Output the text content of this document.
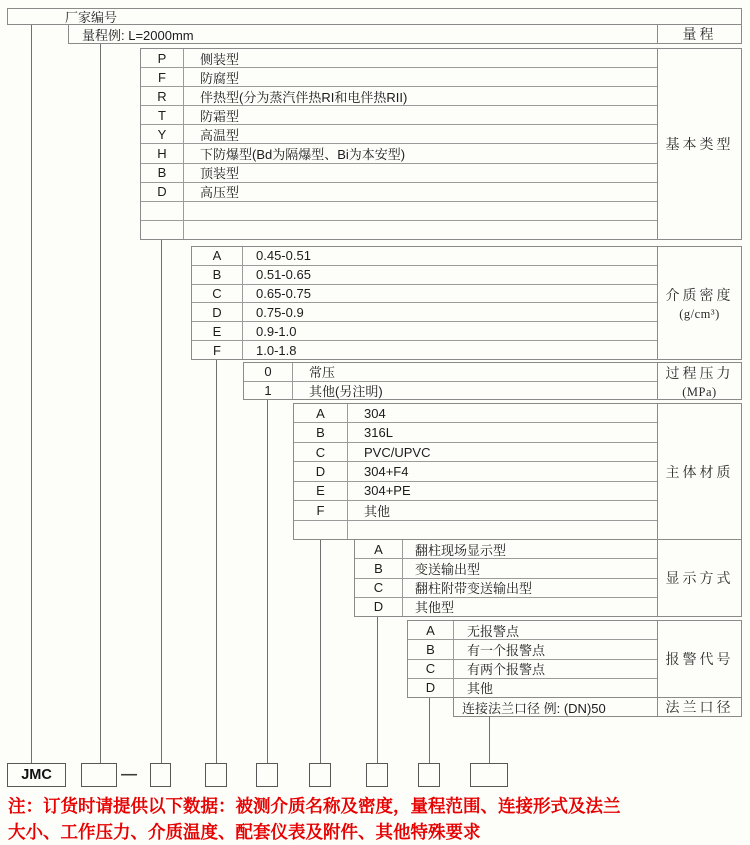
厂家编号
量程例: L=2000mm	量程
P	侧装型
F	防腐型
R	伴热型(分为蒸汽伴热RI和电伴热RII)
T	防霜型
Y	高温型
H	下防爆型(Bd为隔爆型、Bi为本安型)
B	顶装型
D	高压型
基本类型
A	0.45-0.51
B	0.51-0.65
C	0.65-0.75
D	0.75-0.9
E	0.9-1.0
F	1.0-1.8
介质密度
(g/cm³)
0	常压
1	其他(另注明)
过程压力
(MPa)
A	304
B	316L
C	PVC/UPVC
D	304+F4
E	304+PE
F	其他
主体材质
A	翻柱现场显示型
B	变送输出型
C	翻柱附带变送输出型
D	其他型
显示方式
A	无报警点
B	有一个报警点
C	有两个报警点
D	其他
报警代号
连接法兰口径 例: (DN)50	法兰口径
JMC	—
注：订货时请提供以下数据：被测介质名称及密度，量程范围、连接形式及法兰
大小、工作压力、介质温度、配套仪表及附件、其他特殊要求
